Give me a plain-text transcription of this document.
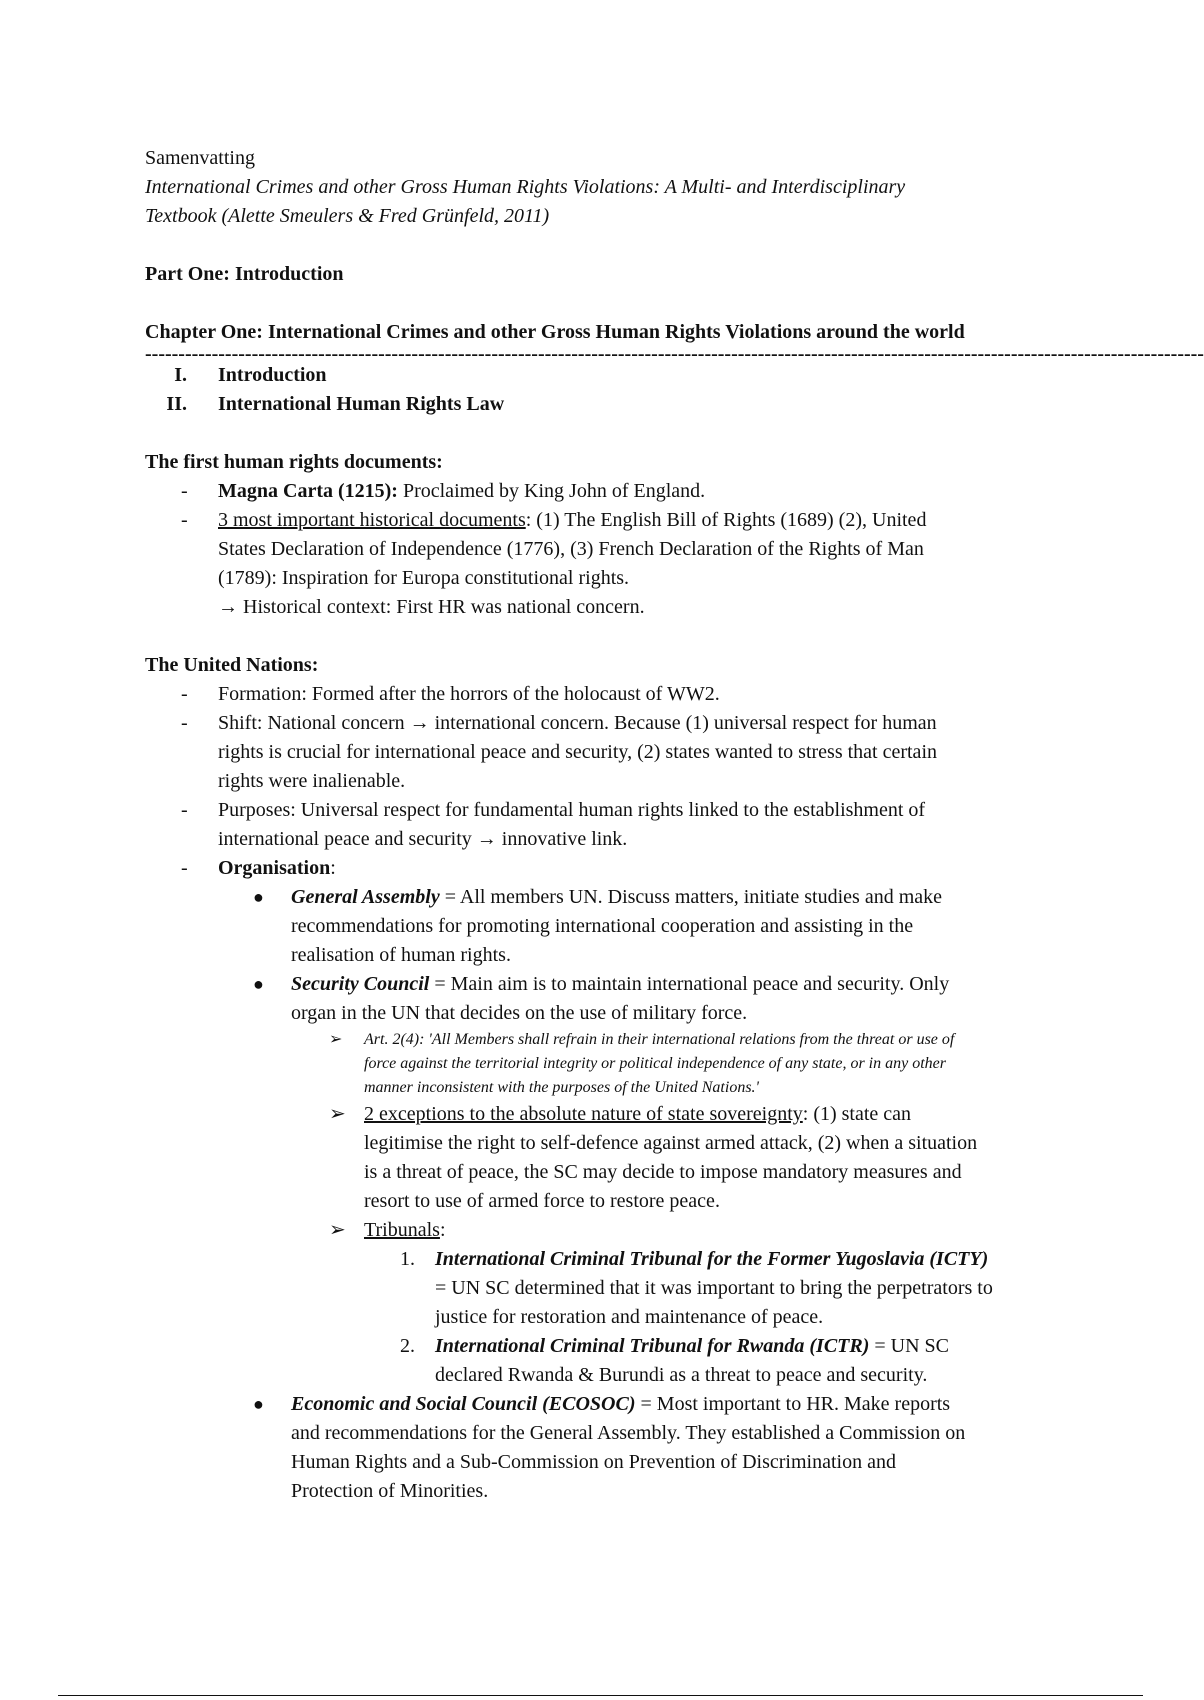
Samenvatting
International Crimes and other Gross Human Rights Violations: A Multi- and Interdisciplinary
Textbook (Alette Smeulers & Fred Grünfeld, 2011)
Part One: Introduction
Chapter One: International Crimes and other Gross Human Rights Violations around the world
---------------------------------------------------------------------------------------------------------------------------------------------------------------
I. Introduction
II. International Human Rights Law
The first human rights documents:
- Magna Carta (1215): Proclaimed by King John of England.
- 3 most important historical documents: (1) The English Bill of Rights (1689) (2), United
States Declaration of Independence (1776), (3) French Declaration of the Rights of Man
(1789): Inspiration for Europa constitutional rights.
→ Historical context: First HR was national concern.
The United Nations:
- Formation: Formed after the horrors of the holocaust of WW2.
- Shift: National concern → international concern. Because (1) universal respect for human
rights is crucial for international peace and security, (2) states wanted to stress that certain
rights were inalienable.
- Purposes: Universal respect for fundamental human rights linked to the establishment of
international peace and security → innovative link.
- Organisation:
● General Assembly = All members UN. Discuss matters, initiate studies and make
recommendations for promoting international cooperation and assisting in the
realisation of human rights.
● Security Council = Main aim is to maintain international peace and security. Only
organ in the UN that decides on the use of military force.
➢ Art. 2(4): 'All Members shall refrain in their international relations from the threat or use of
force against the territorial integrity or political independence of any state, or in any other
manner inconsistent with the purposes of the United Nations.'
➢ 2 exceptions to the absolute nature of state sovereignty: (1) state can
legitimise the right to self-defence against armed attack, (2) when a situation
is a threat of peace, the SC may decide to impose mandatory measures and
resort to use of armed force to restore peace.
➢ Tribunals:
1. International Criminal Tribunal for the Former Yugoslavia (ICTY)
= UN SC determined that it was important to bring the perpetrators to
justice for restoration and maintenance of peace.
2. International Criminal Tribunal for Rwanda (ICTR) = UN SC
declared Rwanda & Burundi as a threat to peace and security.
● Economic and Social Council (ECOSOC) = Most important to HR. Make reports
and recommendations for the General Assembly. They established a Commission on
Human Rights and a Sub-Commission on Prevention of Discrimination and
Protection of Minorities.
